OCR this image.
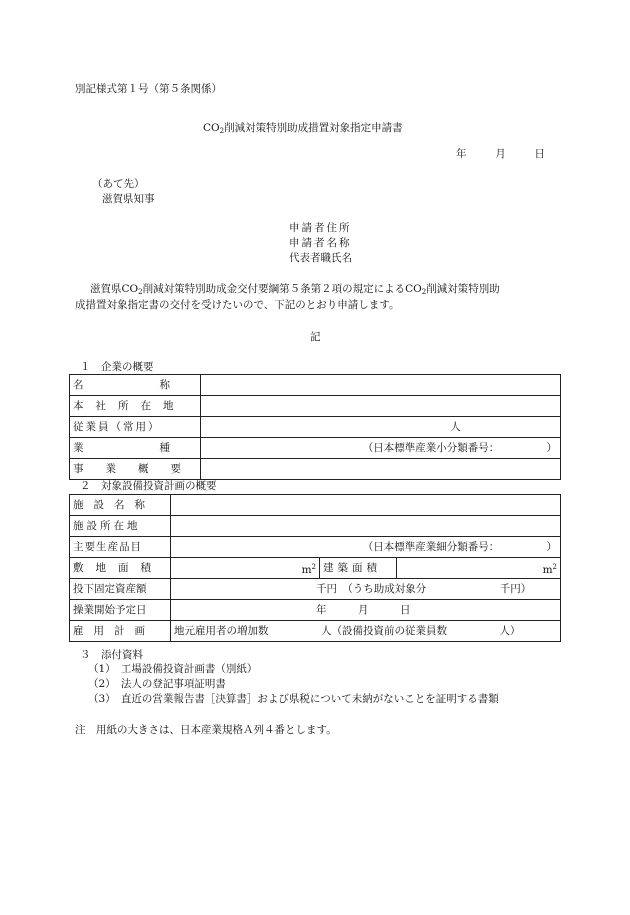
別記様式第１号（第５条関係）
$CO_2$削減対策特別助成措置対象指定申請書
年	月	日
（あて先）
滋賀県知事
申請者住所
申請者名称
代表者職氏名
滋賀県$CO_2$削減対策特別助成金交付要綱第５条第２項の規定による$CO_2$削減対策特別助
成措置対象指定書の交付を受けたいので、下記のとおり申請します。
記
１　企業の概要
名称	

本社所在地	
従業員（常用）	人
業種	（日本標準産業小分類番号：　　　　　）
事業概要	
２　対象設備投資計画の概要
施設名称			
施設所在地			
主要生産品目	（日本標準産業細分類番号：　　　　　）		
敷地面積	$m^2$	建築面積	$m^2$
投下固定資産額	千円　（うち助成対象分　　　　　　　千円）		
操業開始予定日	年　　　月　　　日		
雇用計画	地元雇用者の増加数　　　　　人（設備投資前の従業員数　　　　　人）		
３　添付資料
（1）　工場設備投資計画書（別紙）
（2）　法人の登記事項証明書
（3）　直近の営業報告書［決算書］および県税について未納がないことを証明する書類
注　用紙の大きさは、日本産業規格Ａ列４番とします。
